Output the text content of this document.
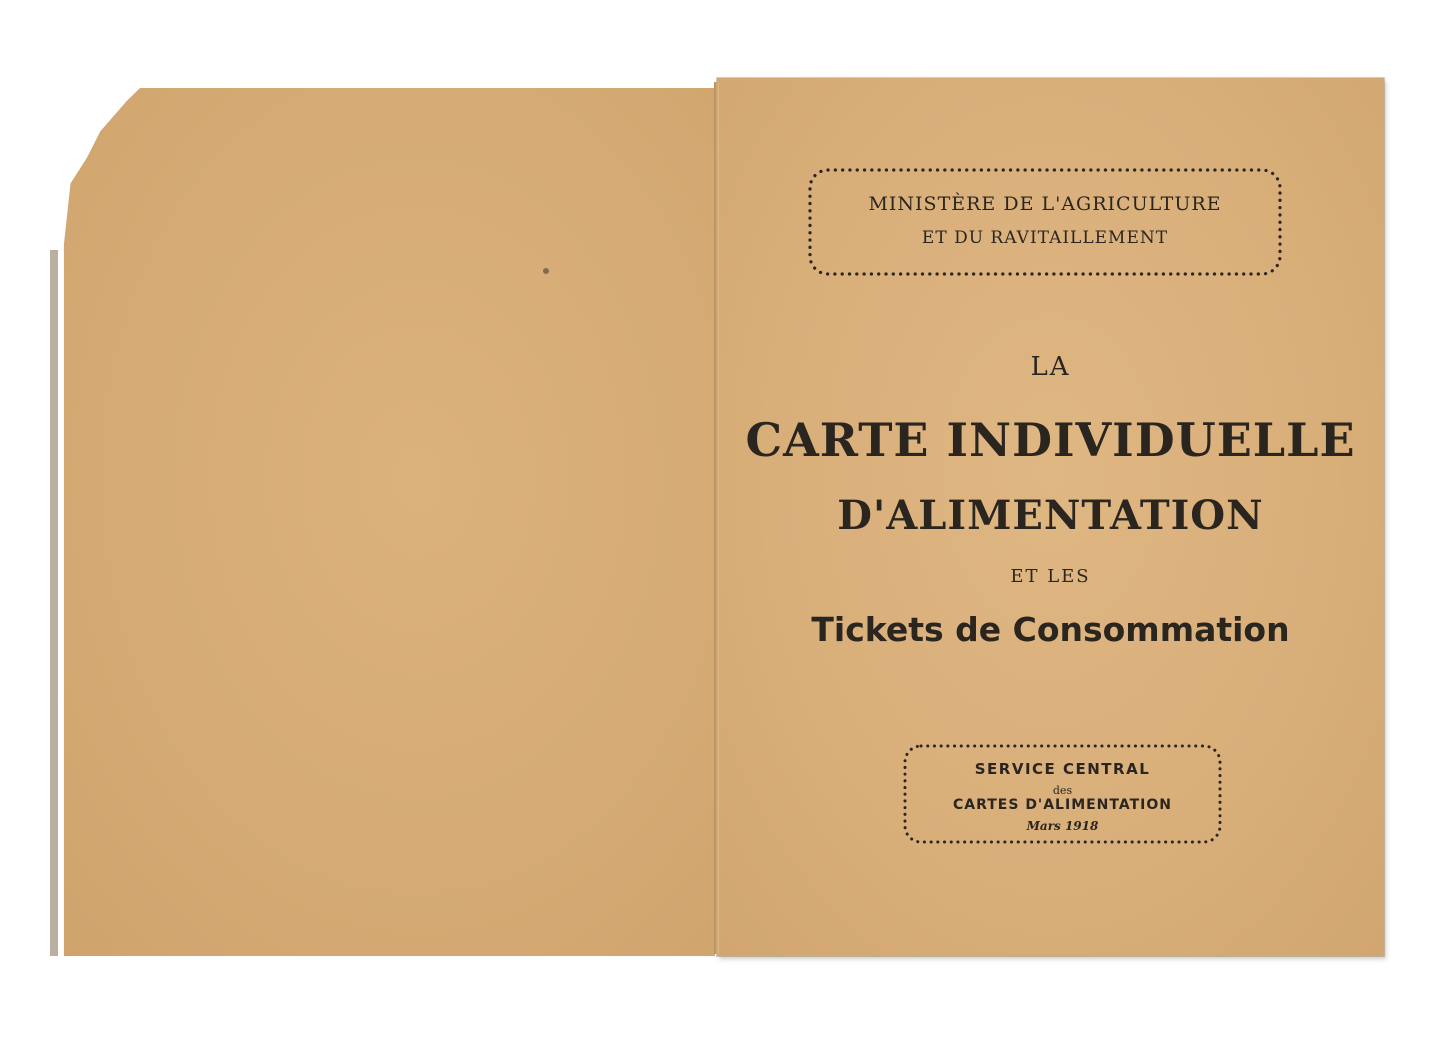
MINISTÈRE DE L'AGRICULTURE
ET DU RAVITAILLEMENT
LA
CARTE INDIVIDUELLE
D'ALIMENTATION
ET LES
Tickets de Consommation
SERVICE CENTRAL
des
CARTES D'ALIMENTATION
Mars 1918
